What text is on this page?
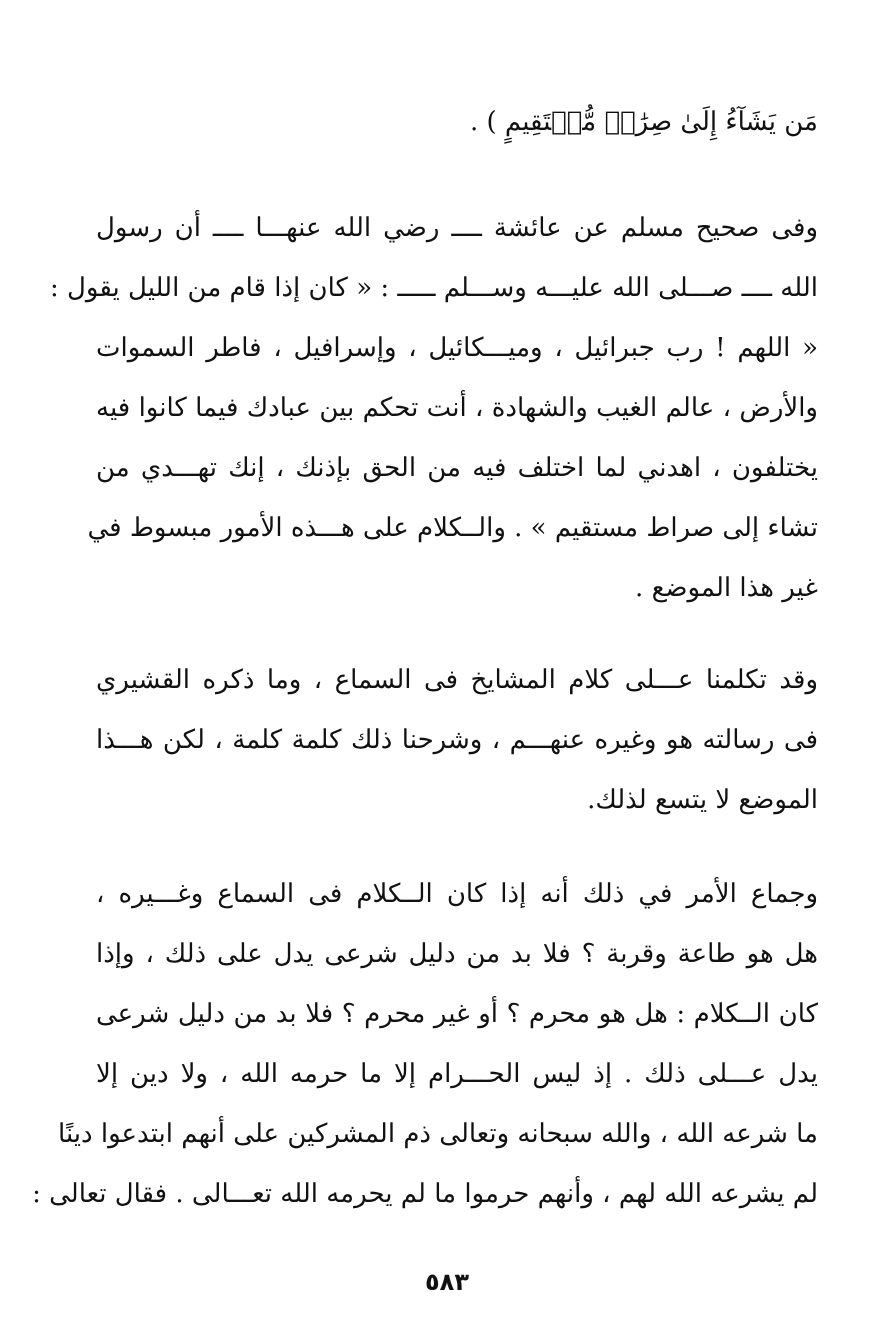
مَن يَشَآءُ إِلَىٰ صِرَٰطٖ مُّسۡتَقِيمٍ ) .
وفى صحيح مسلم عن عائشة ــــ رضي الله عنهـــا ــــ أن رسول
الله ــــ صـــلى الله عليـــه وســـلم ـــــ : « كان إذا قام من الليل يقول :
« اللهم ! رب جبرائيل ، وميـــكائيل ، وإسرافيل ، فاطر السموات
والأرض ، عالم الغيب والشهادة ، أنت تحكم بين عبادك فيما كانوا فيه
يختلفون ، اهدني لما اختلف فيه من الحق بإذنك ، إنك تهـــدي من
تشاء إلى صراط مستقيم » . والــكلام على هـــذه الأمور مبسوط في
غير هذا الموضع .
وقد تكلمنا عـــلى كلام المشايخ فى السماع ، وما ذكره القشيري
فى رسالته هو وغيره عنهـــم ، وشرحنا ذلك كلمة كلمة ، لكن هـــذا
الموضع لا يتسع لذلك.
وجماع الأمر في ذلك أنه إذا كان الــكلام فى السماع وغـــيره ،
هل هو طاعة وقربة ؟ فلا بد من دليل شرعى يدل على ذلك ، وإذا
كان الــكلام : هل هو محرم ؟ أو غير محرم ؟ فلا بد من دليل شرعى
يدل عـــلى ذلك . إذ ليس الحـــرام إلا ما حرمه الله ، ولا دين إلا
ما شرعه الله ، والله سبحانه وتعالى ذم المشركين على أنهم ابتدعوا دينًا
لم يشرعه الله لهم ، وأنهم حرموا ما لم يحرمه الله تعـــالى . فقال تعالى :
٥٨٣
